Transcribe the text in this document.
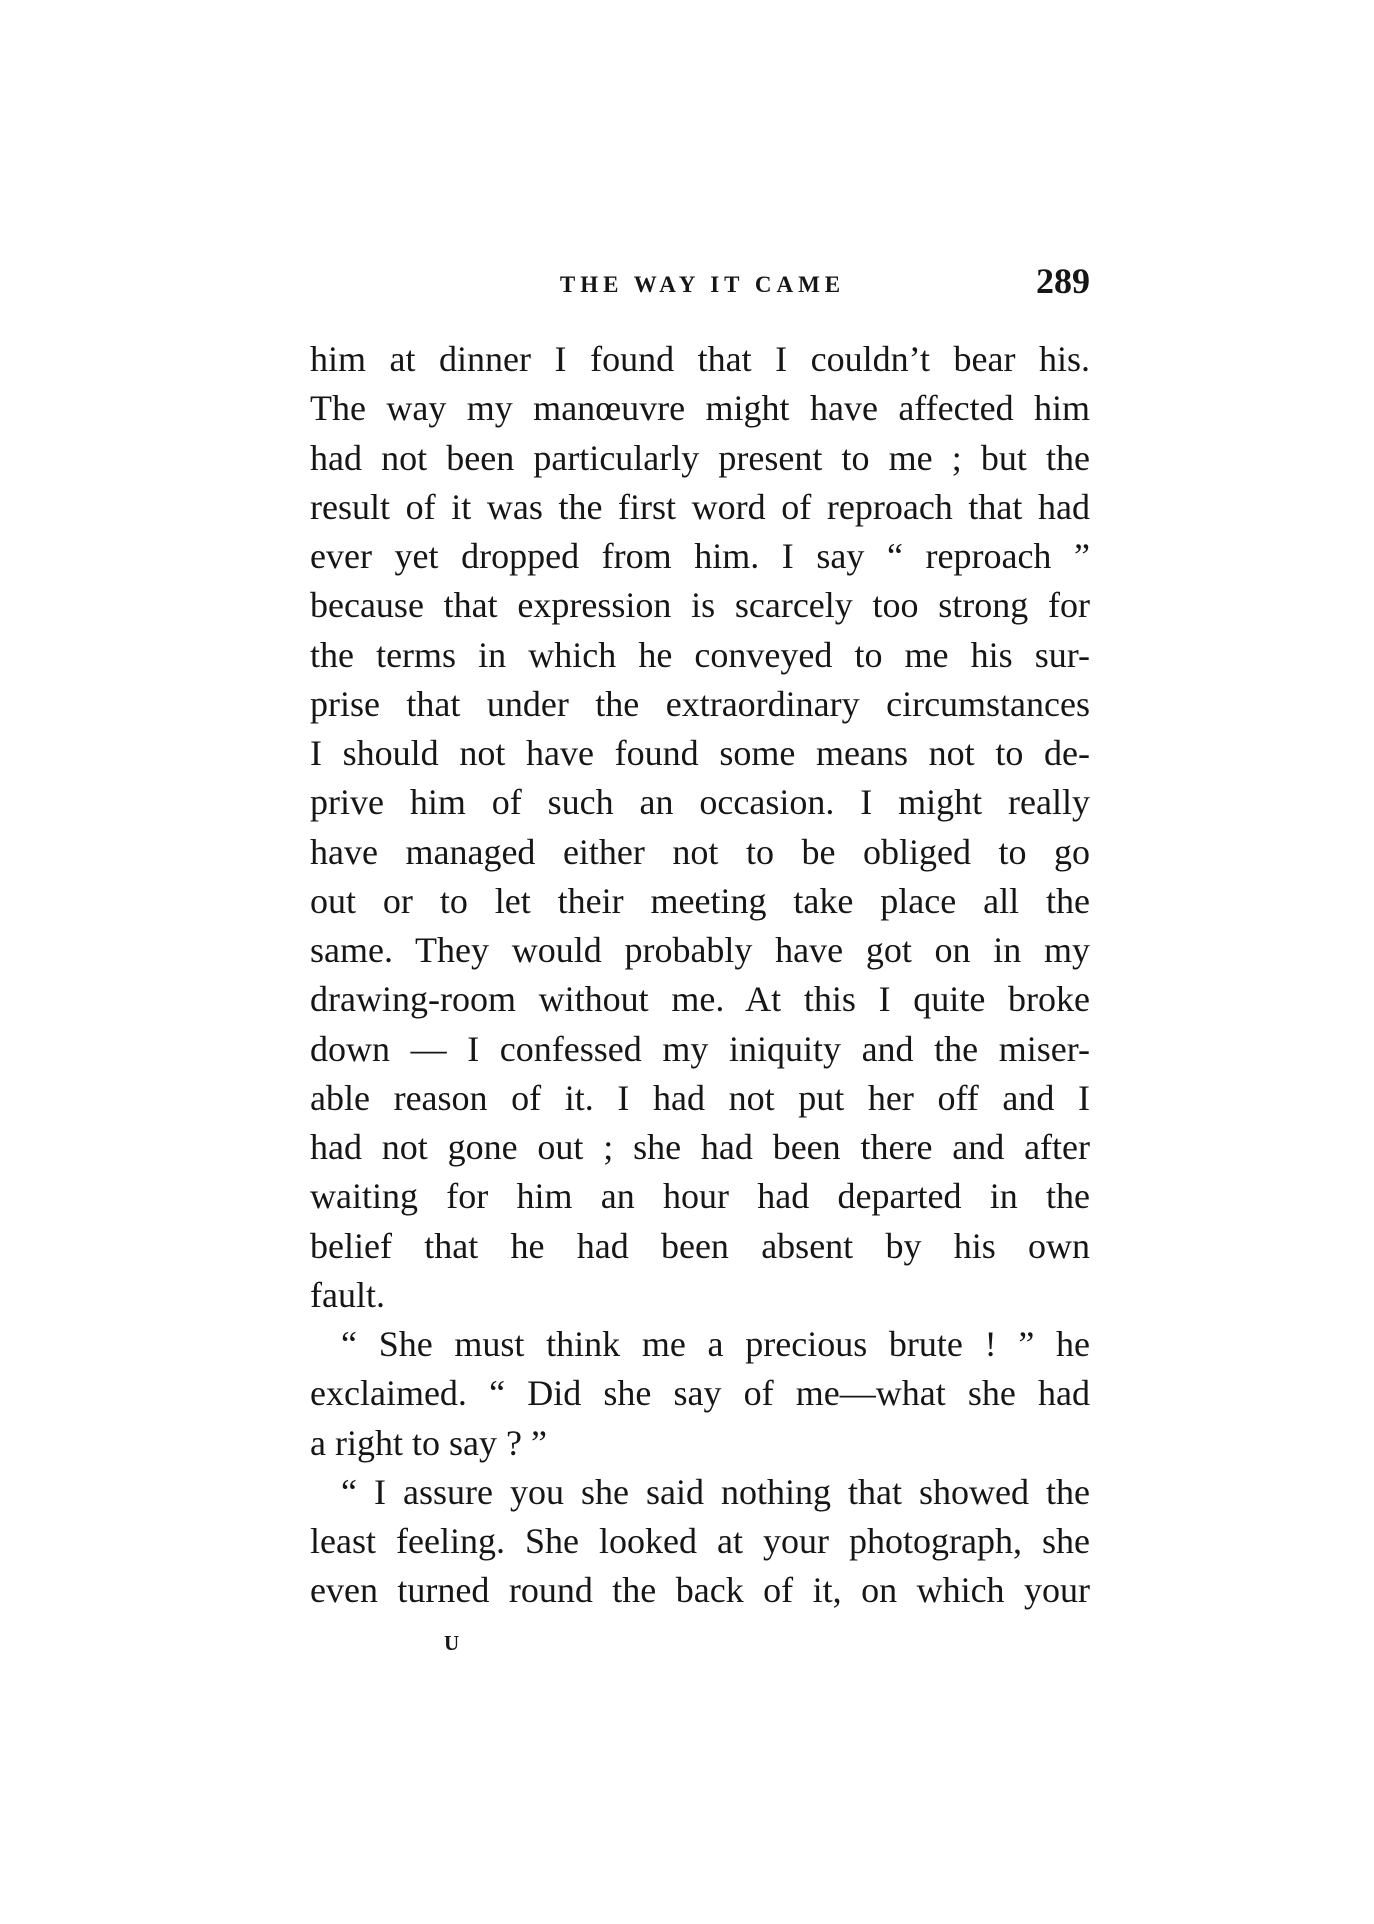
THE WAY IT CAME	289
him at dinner I found that I couldn’t bear his.
The way my manœuvre might have affected him
had not been particularly present to me ; but the
result of it was the first word of reproach that had
ever yet dropped from him. I say “ reproach ”
because that expression is scarcely too strong for
the terms in which he conveyed to me his sur-
prise that under the extraordinary circumstances
I should not have found some means not to de-
prive him of such an occasion. I might really
have managed either not to be obliged to go
out or to let their meeting take place all the
same. They would probably have got on in my
drawing-room without me. At this I quite broke
down — I confessed my iniquity and the miser-
able reason of it. I had not put her off and I
had not gone out ; she had been there and after
waiting for him an hour had departed in the
belief that he had been absent by his own
fault.
“ She must think me a precious brute ! ” he
exclaimed. “ Did she say of me—what she had
a right to say ? ”
“ I assure you she said nothing that showed the
least feeling. She looked at your photograph, she
even turned round the back of it, on which your
U
